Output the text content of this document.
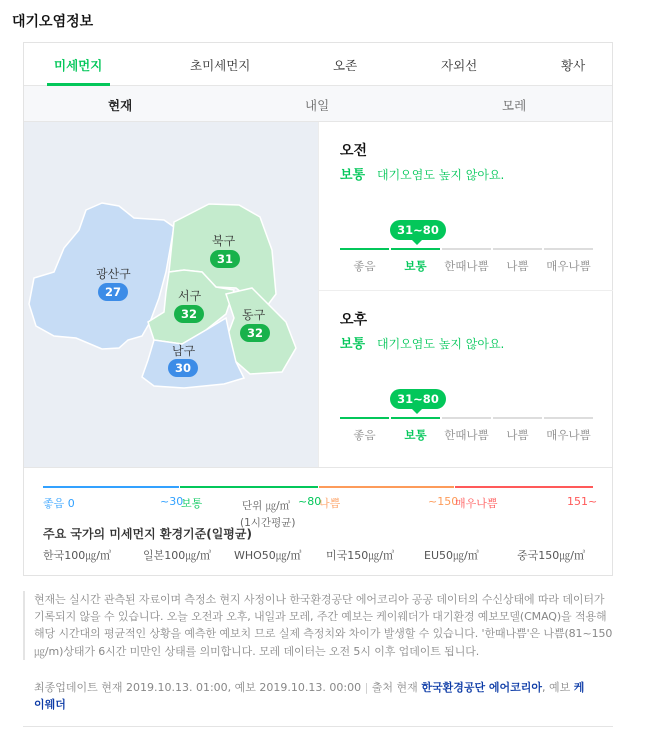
대기오염정보
미세먼지	초미세먼지	오존	자외선	황사
현재	내일	모레
광산구
27
북구
31
서구
32	동구
32
남구
30
단위 ㎍/㎥
(1시간평균)
오전
보통 대기오염도 높지 않아요.
31~80
좋음	보통	한때나쁨	나쁨	매우나쁨
오후
보통 대기오염도 높지 않아요.
31~80
좋음	보통	한때나쁨	나쁨	매우나쁨
좋음 0	~30
보통	~80
나쁨	~150
매우나쁨	151~
주요 국가의 미세먼지 환경기준(일평균)
한국100㎍/㎥	일본100㎍/㎥ WHO50㎍/㎥ 미국150㎍/㎥	EU50㎍/㎥	중국150㎍/㎥
현재는 실시간 관측된 자료이며 측정소 현지 사정이나 한국환경공단 에어코리아 공공 데이터의 수신상태에 따라 데이터가 기록되지 않을 수 있습니다. 오늘 오전과 오후, 내일과 모레, 주간 예보는 케이웨더가 대기환경 예보모델(CMAQ)을 적용해 해당 시간대의 평균적인 상황을 예측한 예보치 므로 실제 측정치와 차이가 발생할 수 있습니다. '한때나쁨'은 나쁨(81~150㎍/m)상태가 6시간 미만인 상태를 의미합니다. 모레 데이터는 오전 5시 이후 업데이트 됩니다.
최종업데이트 현재 2019.10.13. 01:00, 예보 2019.10.13. 00:00 | 출처 현재 한국환경공단 에어코리아, 예보 케이웨더
